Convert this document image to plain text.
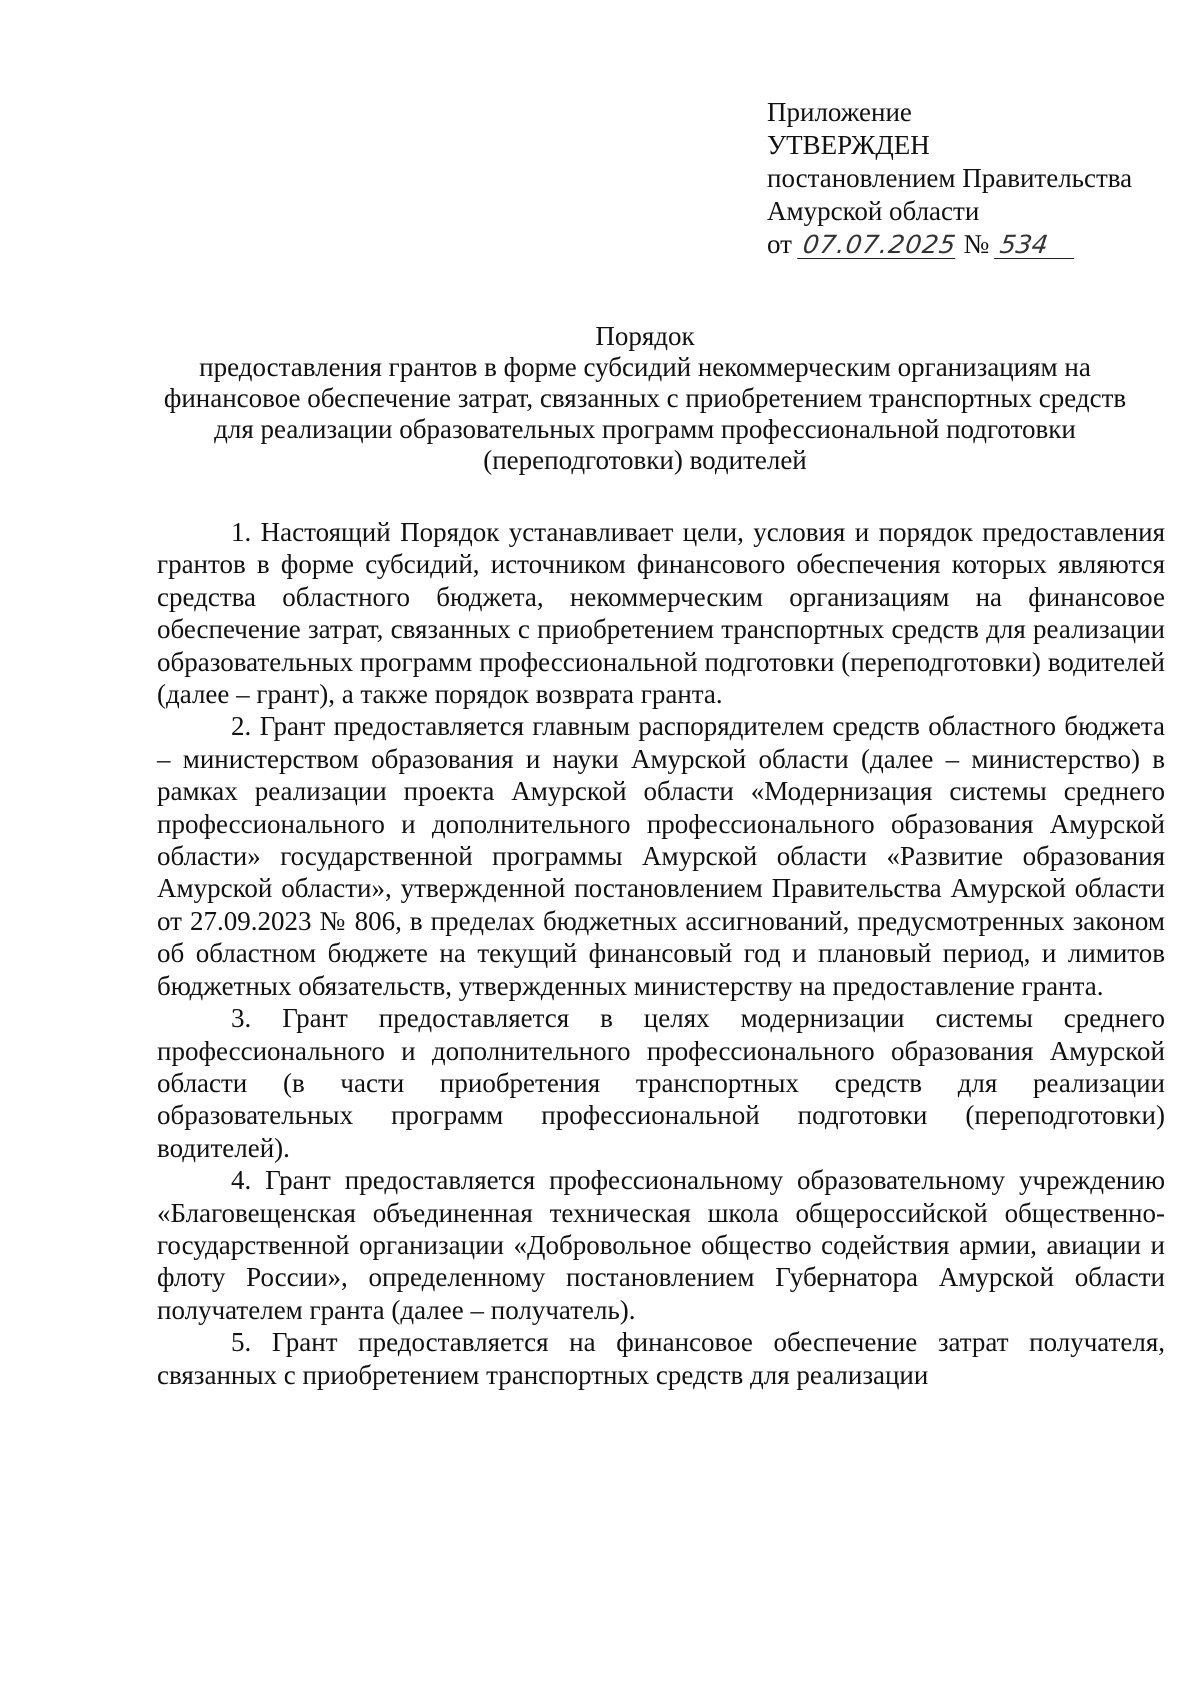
Приложение
УТВЕРЖДЕН
постановлением Правительства
Амурской области
от 07.07.2025 № 534
Порядок
предоставления грантов в форме субсидий некоммерческим организациям на финансовое обеспечение затрат, связанных с приобретением транспортных средств для реализации образовательных программ профессиональной подготовки (переподготовки) водителей

1. Настоящий Порядок устанавливает цели, условия и порядок предоставления грантов в форме субсидий, источником финансового обеспечения которых являются средства областного бюджета, некоммерческим организациям на финансовое обеспечение затрат, связанных с приобретением транспортных средств для реализации образовательных программ профессиональной подготовки (переподготовки) водителей (далее – грант), а также порядок возврата гранта.

2. Грант предоставляется главным распорядителем средств областного бюджета – министерством образования и науки Амурской области (далее – министерство) в рамках реализации проекта Амурской области «Модернизация системы среднего профессионального и дополнительного профессионального образования Амурской области» государственной программы Амурской области «Развитие образования Амурской области», утвержденной постановлением Правительства Амурской области от 27.09.2023 № 806, в пределах бюджетных ассигнований, предусмотренных законом об областном бюджете на текущий финансовый год и плановый период, и лимитов бюджетных обязательств, утвержденных министерству на предоставление гранта.

3. Грант предоставляется в целях модернизации системы среднего профессионального и дополнительного профессионального образования Амурской области (в части приобретения транспортных средств для реализации образовательных программ профессиональной подготовки (переподготовки) водителей).

4. Грант предоставляется профессиональному образовательному учреждению «Благовещенская объединенная техническая школа общероссийской общественно-государственной организации «Добровольное общество содействия армии, авиации и флоту России», определенному постановлением Губернатора Амурской области получателем гранта (далее – получатель).

5. Грант предоставляется на финансовое обеспечение затрат получателя, связанных с приобретением транспортных средств для реализации
